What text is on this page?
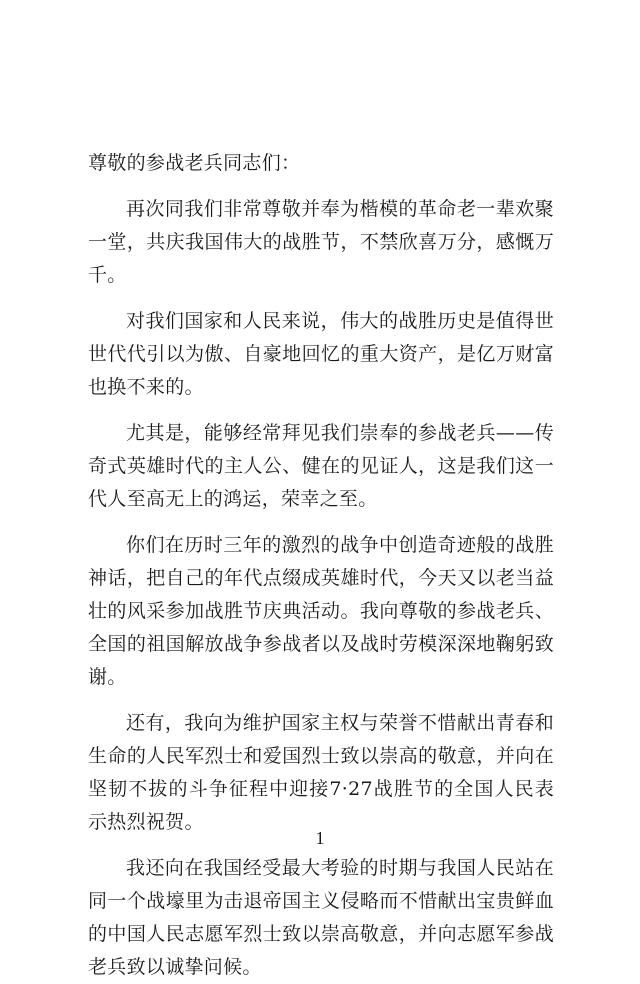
尊敬的参战老兵同志们：

再次同我们非常尊敬并奉为楷模的革命老一辈欢聚一堂，共庆我国伟大的战胜节，不禁欣喜万分，感慨万千。

对我们国家和人民来说，伟大的战胜历史是值得世世代代引以为傲、自豪地回忆的重大资产，是亿万财富也换不来的。

尤其是，能够经常拜见我们崇奉的参战老兵——传奇式英雄时代的主人公、健在的见证人，这是我们这一代人至高无上的鸿运，荣幸之至。

你们在历时三年的激烈的战争中创造奇迹般的战胜神话，把自己的年代点缀成英雄时代，今天又以老当益壮的风采参加战胜节庆典活动。我向尊敬的参战老兵、全国的祖国解放战争参战者以及战时劳模深深地鞠躬致谢。

还有，我向为维护国家主权与荣誉不惜献出青春和生命的人民军烈士和爱国烈士致以崇高的敬意，并向在坚韧不拔的斗争征程中迎接7·27战胜节的全国人民表示热烈祝贺。

我还向在我国经受最大考验的时期与我国人民站在同一个战壕里为击退帝国主义侵略而不惜献出宝贵鲜血的中国人民志愿军烈士致以崇高敬意，并向志愿军参战老兵致以诚挚问候。

1
